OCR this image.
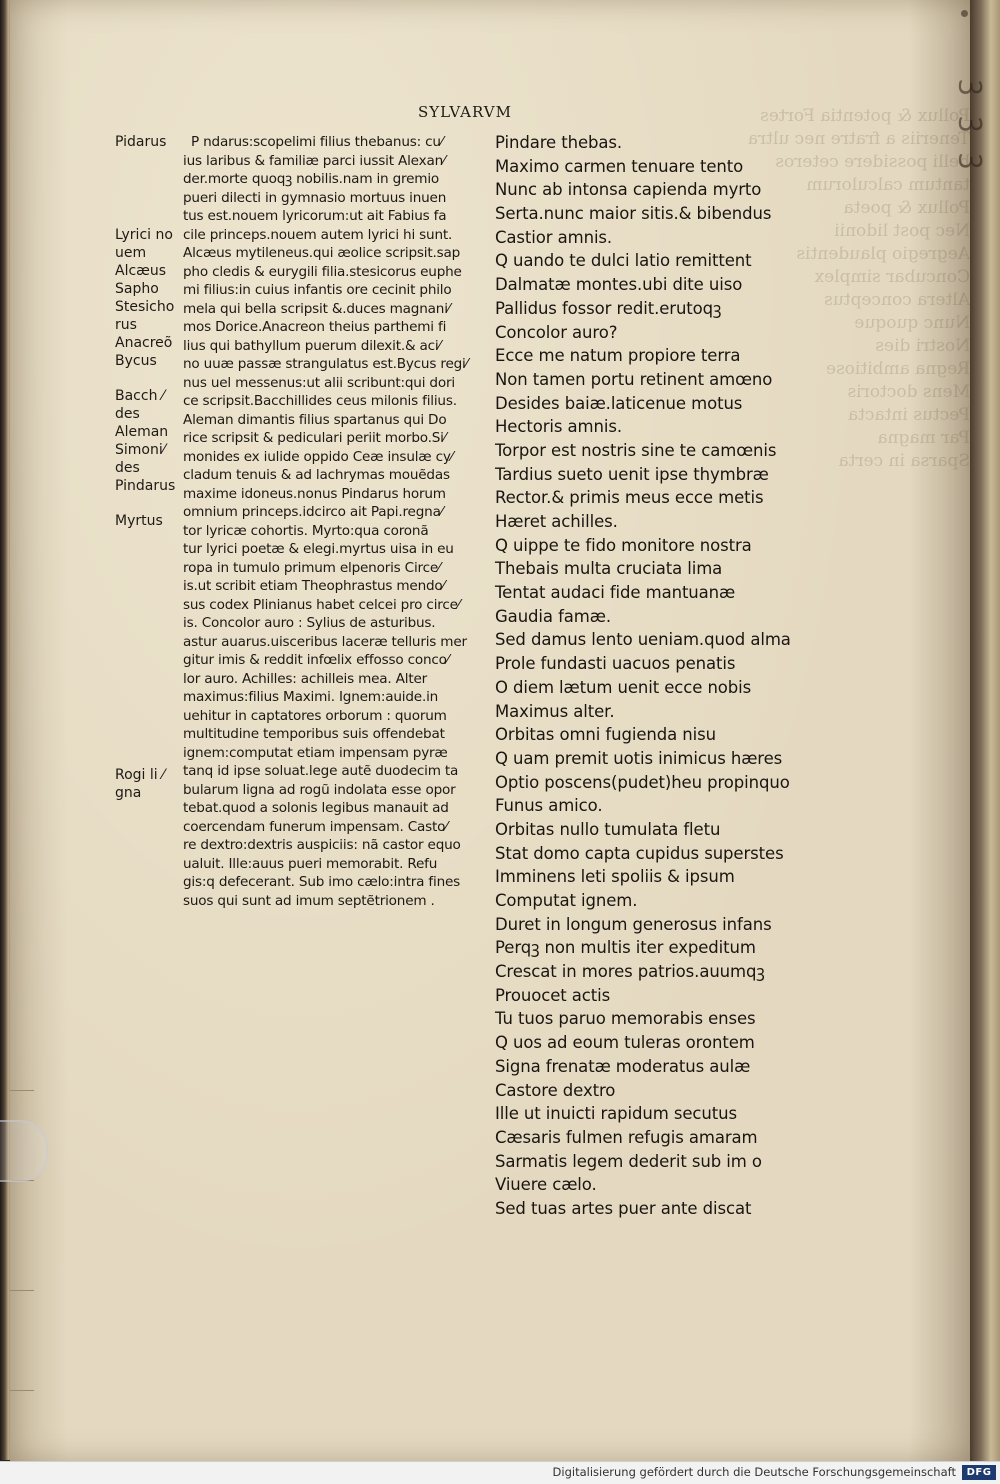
Pollux & potentia Fortes
Teneriis a fratre nec ultra
belli possidere ceteros
tantum calculorum
Pollux & poeta
Nec post lidonii
Aegregio plaudentis
Concubar simplex
Altera conceptus
Nunc quoque
Nostri dies
Regna ambitiose
Mens doctoris
Pectus intacta
Par magna
Sparsa in certa
SYLVARVM
Pidarus
Lyrici no
uem
Alcæus
Sapho
Stesicho
rus
Anacreõ
Bycus
Bacch ⁄
des
Aleman
Simoni⁄
des
Pindarus
Myrtus
Rogi li ⁄
gna
P ndarus:scopelimi filius thebanus: cu⁄
ius laribus & familiæ parci iussit Alexan⁄
der.morte quoqꝫ nobilis.nam in gremio
pueri dilecti in gymnasio mortuus inuen
tus est.nouem lyricorum:ut ait Fabius fa
cile princeps.nouem autem lyrici hi sunt.
Alcæus mytileneus.qui æolice scripsit.sap
pho cledis & eurygili filia.stesicorus euphe
mi filius:in cuius infantis ore cecinit philo
mela qui bella scripsit &.duces magnani⁄
mos Dorice.Anacreon theius parthemi fi
lius qui bathyllum puerum dilexit.& aci⁄
no uuæ passæ strangulatus est.Bycus regi⁄
nus uel messenus:ut alii scribunt:qui dori
ce scripsit.Bacchillides ceus milonis filius.
Aleman dimantis filius spartanus qui Do
rice scripsit & pediculari periit morbo.Si⁄
monides ex iulide oppido Ceæ insulæ cy⁄
cladum tenuis & ad lachrymas mouẽdas
maxime idoneus.nonus Pindarus horum
omnium princeps.idcirco ait Papi.regna⁄
tor lyricæ cohortis. Myrto:qua coronã
tur lyrici poetæ & elegi.myrtus uisa in eu
ropa in tumulo primum elpenoris Circe⁄
is.ut scribit etiam Theophrastus mendo⁄
sus codex Plinianus habet celcei pro circe⁄
is. Concolor auro : Sylius de asturibus.
astur auarus.uisceribus laceræ telluris mer
gitur imis & reddit infœlix effosso conco⁄
lor auro. Achilles: achilleis mea. Alter
maximus:filius Maximi. Ignem:auide.in
uehitur in captatores orborum : quorum
multitudine temporibus suis offendebat
ignem:computat etiam impensam pyræ
tanq id ipse soluat.lege autẽ duodecim ta
bularum ligna ad rogũ indolata esse opor
tebat.quod a solonis legibus manauit ad
coercendam funerum impensam. Casto⁄
re dextro:dextris auspiciis: nã castor equo
ualuit. Ille:auus pueri memorabit. Refu
gis:q defecerant. Sub imo cælo:intra fines
suos qui sunt ad imum septẽtrionem .
Pindare thebas.
Maximo carmen tenuare tento
Nunc ab intonsa capienda myrto
Serta.nunc maior sitis.& bibendus
Castior amnis.
Q uando te dulci latio remittent
Dalmatæ montes.ubi dite uiso
Pallidus fossor redit.erutoqꝫ
Concolor auro?
Ecce me natum propiore terra
Non tamen portu retinent amœno
Desides baiæ.laticenue motus
Hectoris amnis.
Torpor est nostris sine te camœnis
Tardius sueto uenit ipse thymbræ
Rector.& primis meus ecce metis
Hæret achilles.
Q uippe te fido monitore nostra
Thebais multa cruciata lima
Tentat audaci fide mantuanæ
Gaudia famæ.
Sed damus lento ueniam.quod alma
Prole fundasti uacuos penatis
O diem lætum uenit ecce nobis
Maximus alter.
Orbitas omni fugienda nisu
Q uam premit uotis inimicus hæres
Optio poscens(pudet)heu propinquo
Funus amico.
Orbitas nullo tumulata fletu
Stat domo capta cupidus superstes
Imminens leti spoliis & ipsum
Computat ignem.
Duret in longum generosus infans
Perqꝫ non multis iter expeditum
Crescat in mores patrios.auumqꝫ
Prouocet actis
Tu tuos paruo memorabis enses
Q uos ad eoum tuleras orontem
Signa frenatæ moderatus aulæ
Castore dextro
Ille ut inuicti rapidum secutus
Cæsaris fulmen refugis amaram
Sarmatis legem dederit sub im o
Viuere cælo.
Sed tuas artes puer ante discat
ꝫ ꝫ ꝫ
Digitalisierung gefördert durch die Deutsche Forschungsgemeinschaft	DFG
